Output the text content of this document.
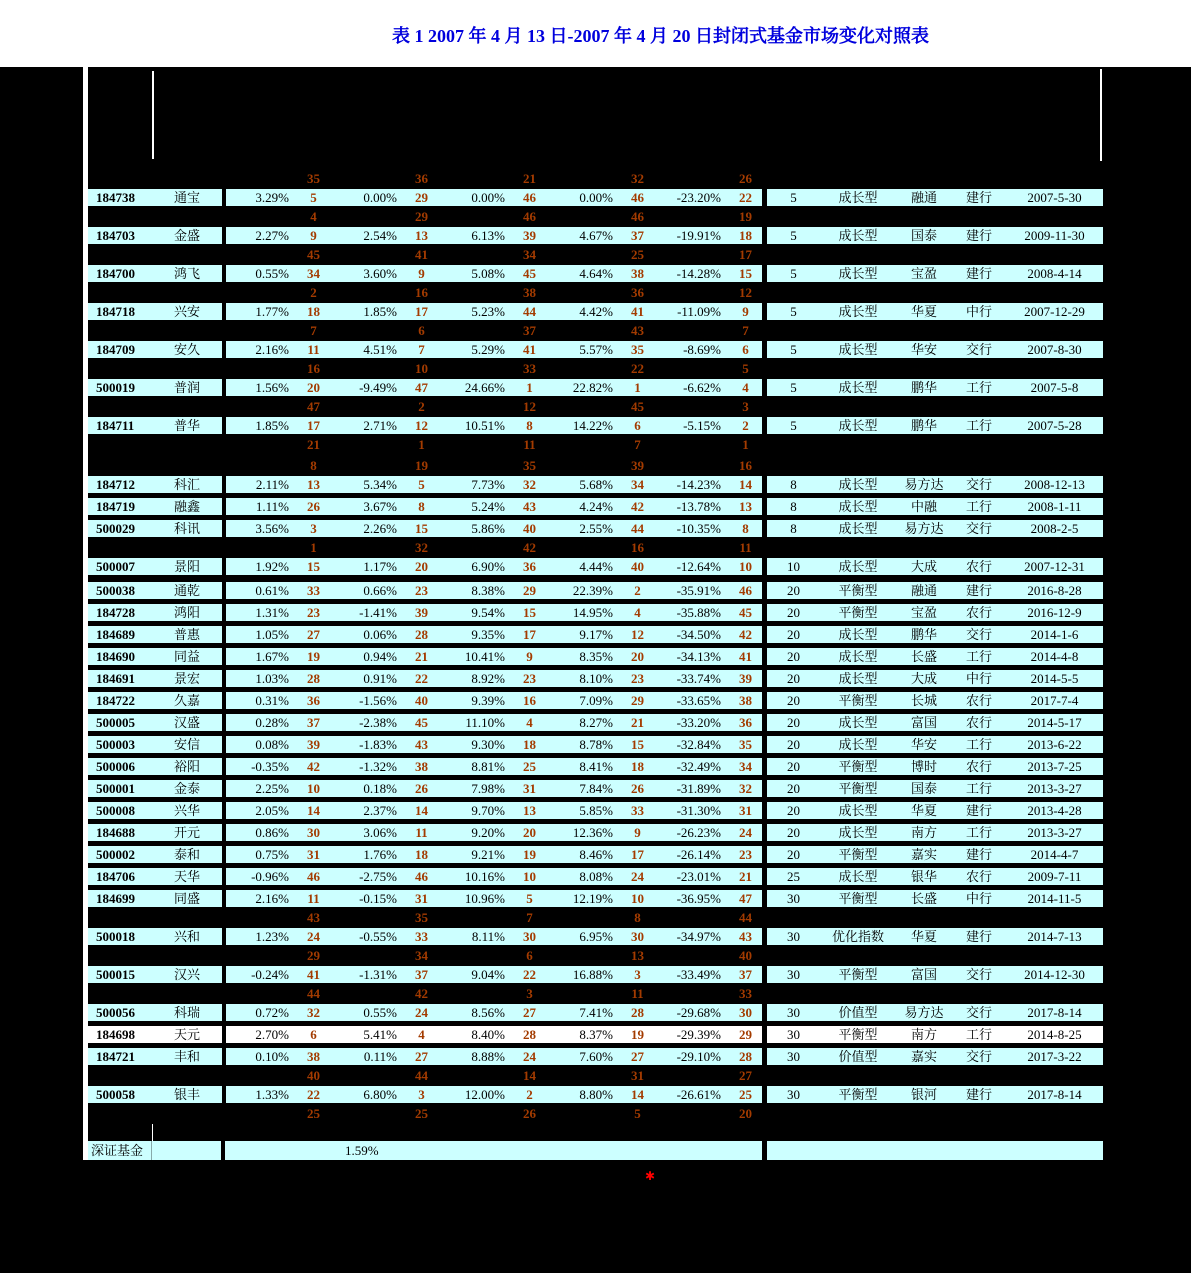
表 1 2007 年 4 月 13 日-2007 年 4 月 20 日封闭式基金市场变化对照表
35	36	21	32	26
184738	通宝	3.29%	5	0.00%	29	0.00%	46	0.00%	46	-23.20%	22	5	成长型	融通	建行	2007-5-30
4	29	46	46	19
184703	金盛	2.27%	9	2.54%	13	6.13%	39	4.67%	37	-19.91%	18	5	成长型	国泰	建行	2009-11-30
45	41	34	25	17
184700	鸿飞	0.55%	34	3.60%	9	5.08%	45	4.64%	38	-14.28%	15	5	成长型	宝盈	建行	2008-4-14
2	16	38	36	12
184718	兴安	1.77%	18	1.85%	17	5.23%	44	4.42%	41	-11.09%	9	5	成长型	华夏	中行	2007-12-29
7	6	37	43	7
184709	安久	2.16%	11	4.51%	7	5.29%	41	5.57%	35	-8.69%	6	5	成长型	华安	交行	2007-8-30
16	10	33	22	5
500019	普润	1.56%	20	-9.49%	47	24.66%	1	22.82%	1	-6.62%	4	5	成长型	鹏华	工行	2007-5-8
47	2	12	45	3
184711	普华	1.85%	17	2.71%	12	10.51%	8	14.22%	6	-5.15%	2	5	成长型	鹏华	工行	2007-5-28
21	1	11	7	1
8	19	35	39	16
184712	科汇	2.11%	13	5.34%	5	7.73%	32	5.68%	34	-14.23%	14	8	成长型	易方达	交行	2008-12-13
184719	融鑫	1.11%	26	3.67%	8	5.24%	43	4.24%	42	-13.78%	13	8	成长型	中融	工行	2008-1-11
500029	科讯	3.56%	3	2.26%	15	5.86%	40	2.55%	44	-10.35%	8	8	成长型	易方达	交行	2008-2-5
1	32	42	16	11
500007	景阳	1.92%	15	1.17%	20	6.90%	36	4.44%	40	-12.64%	10	10	成长型	大成	农行	2007-12-31
500038	通乾	0.61%	33	0.66%	23	8.38%	29	22.39%	2	-35.91%	46	20	平衡型	融通	建行	2016-8-28
184728	鸿阳	1.31%	23	-1.41%	39	9.54%	15	14.95%	4	-35.88%	45	20	平衡型	宝盈	农行	2016-12-9
184689	普惠	1.05%	27	0.06%	28	9.35%	17	9.17%	12	-34.50%	42	20	成长型	鹏华	交行	2014-1-6
184690	同益	1.67%	19	0.94%	21	10.41%	9	8.35%	20	-34.13%	41	20	成长型	长盛	工行	2014-4-8
184691	景宏	1.03%	28	0.91%	22	8.92%	23	8.10%	23	-33.74%	39	20	成长型	大成	中行	2014-5-5
184722	久嘉	0.31%	36	-1.56%	40	9.39%	16	7.09%	29	-33.65%	38	20	平衡型	长城	农行	2017-7-4
500005	汉盛	0.28%	37	-2.38%	45	11.10%	4	8.27%	21	-33.20%	36	20	成长型	富国	农行	2014-5-17
500003	安信	0.08%	39	-1.83%	43	9.30%	18	8.78%	15	-32.84%	35	20	成长型	华安	工行	2013-6-22
500006	裕阳	-0.35%	42	-1.32%	38	8.81%	25	8.41%	18	-32.49%	34	20	平衡型	博时	农行	2013-7-25
500001	金泰	2.25%	10	0.18%	26	7.98%	31	7.84%	26	-31.89%	32	20	平衡型	国泰	工行	2013-3-27
500008	兴华	2.05%	14	2.37%	14	9.70%	13	5.85%	33	-31.30%	31	20	成长型	华夏	建行	2013-4-28
184688	开元	0.86%	30	3.06%	11	9.20%	20	12.36%	9	-26.23%	24	20	成长型	南方	工行	2013-3-27
500002	泰和	0.75%	31	1.76%	18	9.21%	19	8.46%	17	-26.14%	23	20	平衡型	嘉实	建行	2014-4-7
184706	天华	-0.96%	46	-2.75%	46	10.16%	10	8.08%	24	-23.01%	21	25	成长型	银华	农行	2009-7-11
184699	同盛	2.16%	11	-0.15%	31	10.96%	5	12.19%	10	-36.95%	47	30	平衡型	长盛	中行	2014-11-5
43	35	7	8	44
500018	兴和	1.23%	24	-0.55%	33	8.11%	30	6.95%	30	-34.97%	43	30	优化指数	华夏	建行	2014-7-13
29	34	6	13	40
500015	汉兴	-0.24%	41	-1.31%	37	9.04%	22	16.88%	3	-33.49%	37	30	平衡型	富国	交行	2014-12-30
44	42	3	11	33
500056	科瑞	0.72%	32	0.55%	24	8.56%	27	7.41%	28	-29.68%	30	30	价值型	易方达	交行	2017-8-14
184698	天元	2.70%	6	5.41%	4	8.40%	28	8.37%	19	-29.39%	29	30	平衡型	南方	工行	2014-8-25
184721	丰和	0.10%	38	0.11%	27	8.88%	24	7.60%	27	-29.10%	28	30	价值型	嘉实	交行	2017-3-22
40	44	14	31	27
500058	银丰	1.33%	22	6.80%	3	12.00%	2	8.80%	14	-26.61%	25	30	平衡型	银河	建行	2017-8-14
25	25	26	5	20
深证基金	1.59%
✱
